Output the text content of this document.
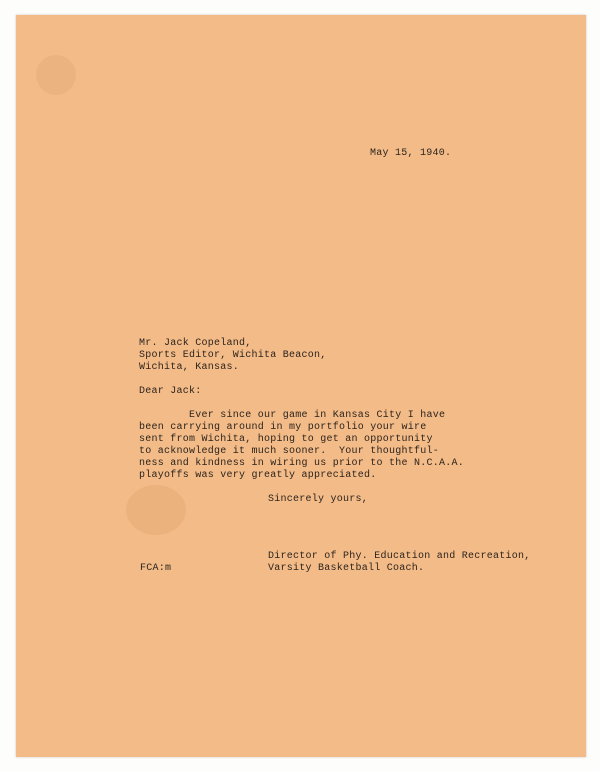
May 15, 1940.
Mr. Jack Copeland,
Sports Editor, Wichita Beacon,
Wichita, Kansas.
Dear Jack:
Ever since our game in Kansas City I have
been carrying around in my portfolio your wire
sent from Wichita, hoping to get an opportunity
to acknowledge it much sooner.  Your thoughtful-
ness and kindness in wiring us prior to the N.C.A.A.
playoffs was very greatly appreciated.
Sincerely yours,
Director of Phy. Education and Recreation,
Varsity Basketball Coach.
FCA:m
